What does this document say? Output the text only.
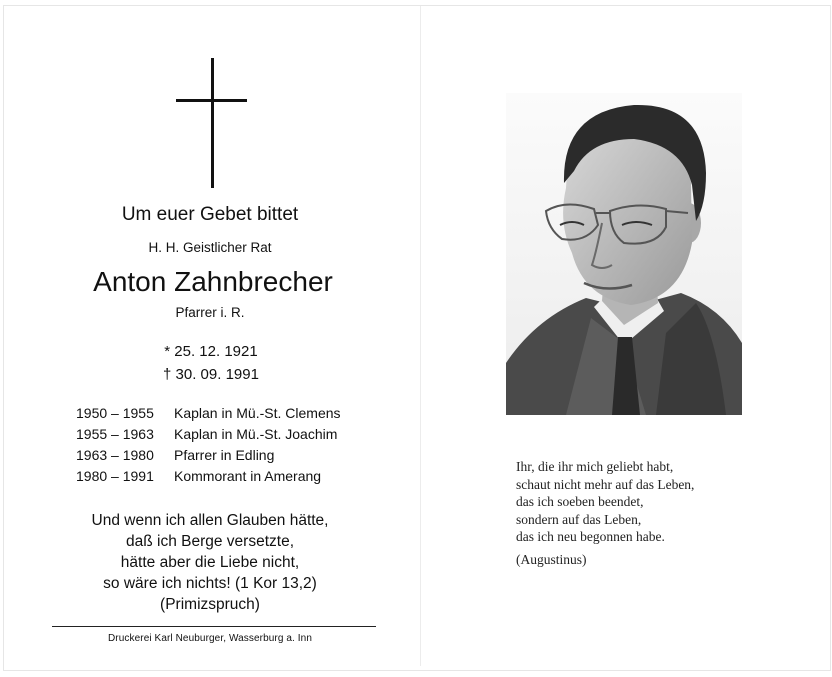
Um euer Gebet bittet
H. H. Geistlicher Rat
Anton Zahnbrecher
Pfarrer i. R.
* 25. 12. 1921
† 30. 09. 1991
1950 – 1955 Kaplan in Mü.-St. Clemens
1955 – 1963 Kaplan in Mü.-St. Joachim
1963 – 1980 Pfarrer in Edling
1980 – 1991 Kommorant in Amerang
Und wenn ich allen Glauben hätte,
daß ich Berge versetzte,
hätte aber die Liebe nicht,
so wäre ich nichts! (1 Kor 13,2)
(Primizspruch)
Druckerei Karl Neuburger, Wasserburg a. Inn
Ihr, die ihr mich geliebt habt,
schaut nicht mehr auf das Leben,
das ich soeben beendet,
sondern auf das Leben,
das ich neu begonnen habe.
(Augustinus)
